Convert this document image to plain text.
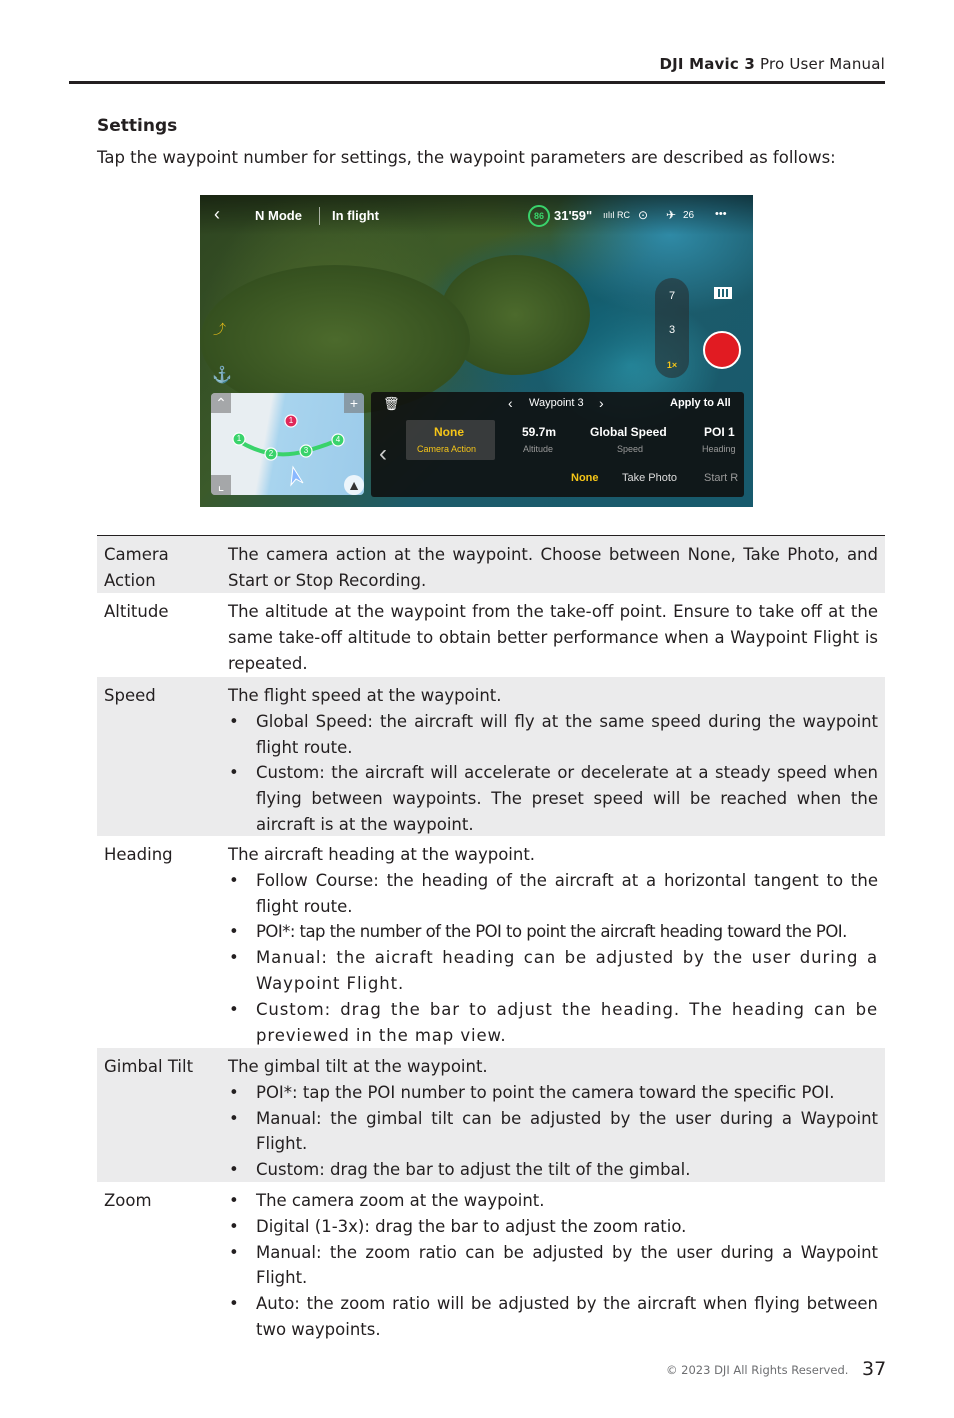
DJI Mavic 3 Pro User Manual
Settings
Tap the waypoint number for settings, the waypoint parameters are described as follows:
‹	N Mode In flight	86 31'59" ıılıl RC ⊙ ✈ 26 •••
⤴
⚓
7
3
1×
1
2	3
4
1
⌃	+
⌞	▲
🗑	‹ Waypoint 3 ›	Apply to All
‹
None
Camera Action
59.7m
Altitude
Global Speed
Speed
POI 1
Heading
None Take Photo Start R
Camera Action

The camera action at the waypoint. Choose between None, Take Photo, and Start or Stop Recording.

Altitude	The altitude at the waypoint from the take-off point. Ensure to take off at the same take-off altitude to obtain better performance when a Waypoint Flight is repeated.

Speed	The flight speed at the waypoint.

• Global Speed: the aircraft will fly at the same speed during the waypoint flight route.
• Custom: the aircraft will accelerate or decelerate at a steady speed when flying between waypoints. The preset speed will be reached when the aircraft is at the waypoint.
Heading	The aircraft heading at the waypoint.

• Follow Course: the heading of the aircraft at a horizontal tangent to the flight route.
• POI*: tap the number of the POI to point the aircraft heading toward the POI.
• Manual: the aicraft heading can be adjusted by the user during a Waypoint Flight.
• Custom: drag the bar to adjust the heading. The heading can be previewed in the map view.
Gimbal Tilt	The gimbal tilt at the waypoint.

• POI*: tap the POI number to point the camera toward the specific POI.
• Manual: the gimbal tilt can be adjusted by the user during a Waypoint Flight.
• Custom: drag the bar to adjust the tilt of the gimbal.
Zoom
•	The camera zoom at the waypoint.
• Digital (1-3x): drag the bar to adjust the zoom ratio.
• Manual: the zoom ratio can be adjusted by the user during a Waypoint Flight.
• Auto: the zoom ratio will be adjusted by the aircraft when flying between two waypoints.
© 2023 DJI All Rights Reserved. 37
